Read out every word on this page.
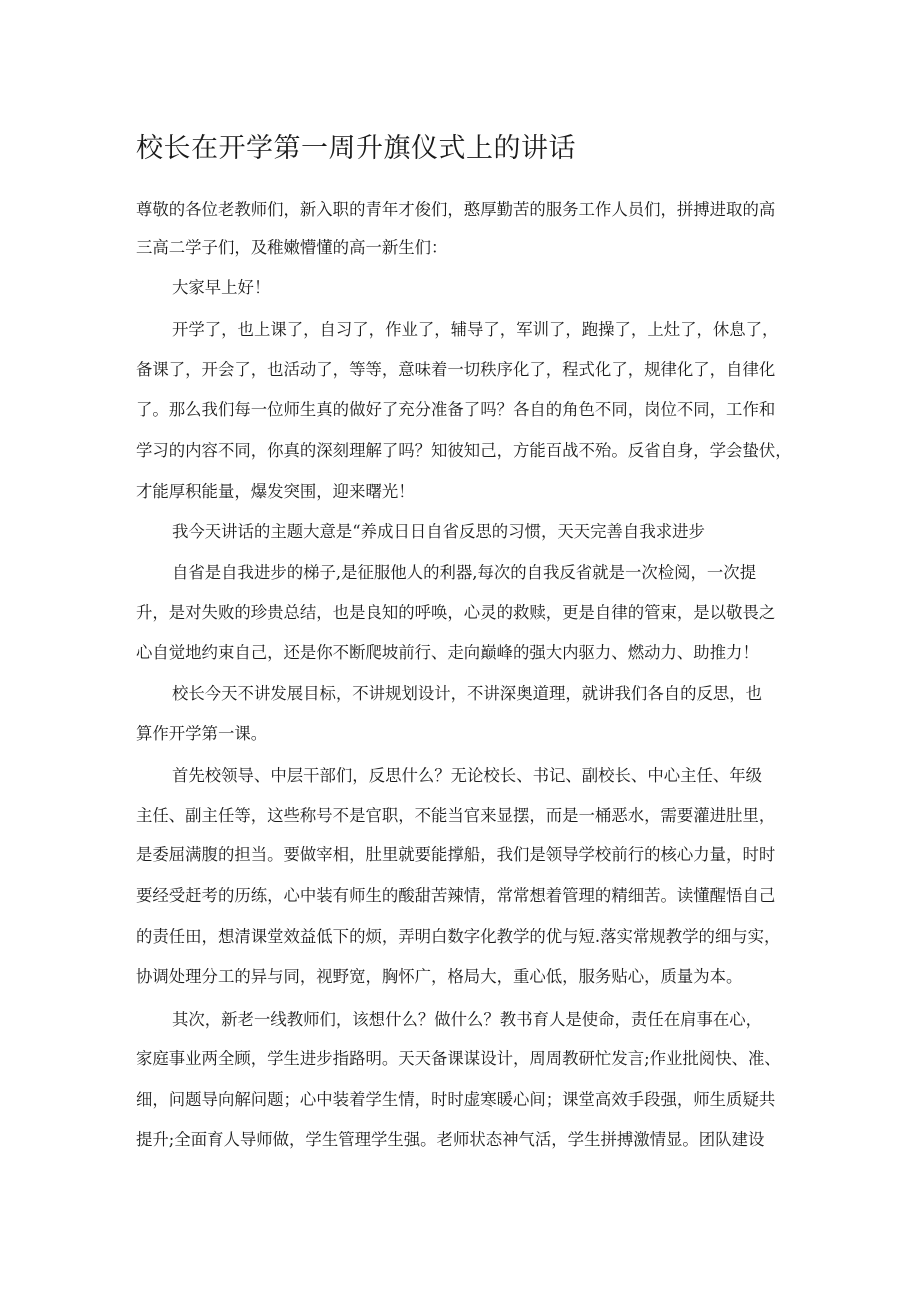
校长在开学第一周升旗仪式上的讲话

尊敬的各位老教师们，新入职的青年才俊们，憨厚勤苦的服务工作人员们，拼搏进取的高

三高二学子们，及稚嫩懵懂的高一新生们：

大家早上好！

开学了，也上课了，自习了，作业了，辅导了，军训了，跑操了，上灶了，休息了，

备课了，开会了，也活动了，等等，意味着一切秩序化了，程式化了，规律化了，自律化

了。那么我们每一位师生真的做好了充分准备了吗？各自的角色不同，岗位不同，工作和

学习的内容不同，你真的深刻理解了吗？知彼知己，方能百战不殆。反省自身，学会蛰伏，

才能厚积能量，爆发突围，迎来曙光！

我今天讲话的主题大意是“养成日日自省反思的习惯，天天完善自我求进步

自省是自我进步的梯子,是征服他人的利器,每次的自我反省就是一次检阅，一次提

升，是对失败的珍贵总结，也是良知的呼唤，心灵的救赎，更是自律的管束，是以敬畏之

心自觉地约束自己，还是你不断爬坡前行、走向巅峰的强大内驱力、燃动力、助推力！

校长今天不讲发展目标，不讲规划设计，不讲深奥道理，就讲我们各自的反思，也

算作开学第一课。

首先校领导、中层干部们，反思什么？无论校长、书记、副校长、中心主任、年级

主任、副主任等，这些称号不是官职，不能当官来显摆，而是一桶恶水，需要灌进肚里，

是委屈满腹的担当。要做宰相，肚里就要能撑船，我们是领导学校前行的核心力量，时时

要经受赶考的历练，心中装有师生的酸甜苦辣情，常常想着管理的精细苦。读懂醒悟自己

的责任田，想清课堂效益低下的烦，弄明白数字化教学的优与短.落实常规教学的细与实，

协调处理分工的异与同，视野宽，胸怀广，格局大，重心低，服务贴心，质量为本。

其次，新老一线教师们，该想什么？做什么？教书育人是使命，责任在肩事在心，

家庭事业两全顾，学生进步指路明。天天备课谋设计，周周教研忙发言;作业批阅快、准、

细，问题导向解问题；心中装着学生情，时时虚寒暖心间；课堂高效手段强，师生质疑共

提升;全面育人导师做，学生管理学生强。老师状态神气活，学生拼搏激情显。团队建设
